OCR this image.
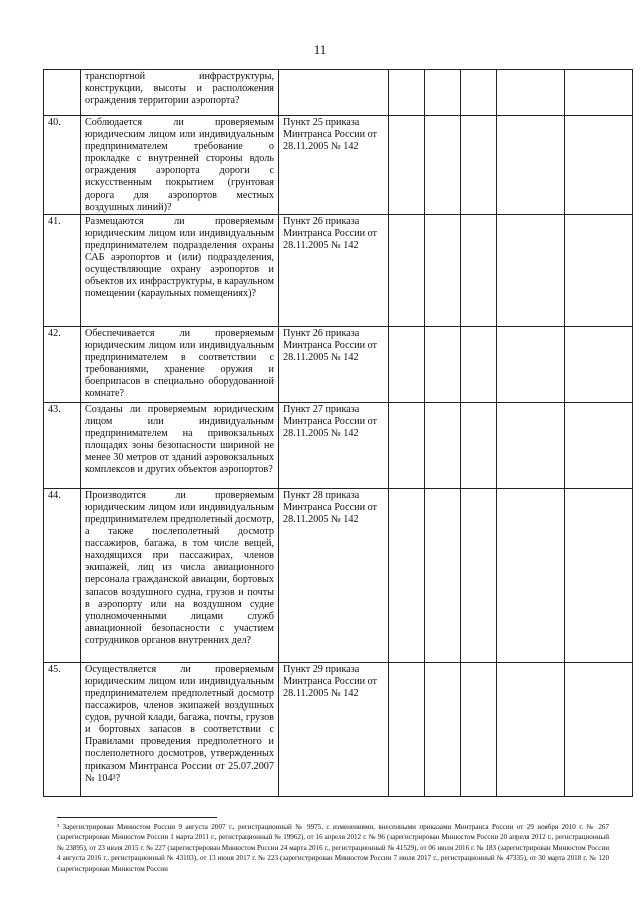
11

	транспортной инфраструктуры, конструкции, высоты и расположения ограждения территории аэропорта?						

40.	Соблюдается ли проверяемым юридическим лицом или индивидуальным предпринимателем требование о прокладке с внутренней стороны вдоль ограждения аэропорта дороги с искусственным покрытием (грунтовая дорога для аэропортов местных воздушных линий)?	Пункт 25 приказа Минтранса России от 28.11.2005 № 142					

41.	Размещаются ли проверяемым юридическим лицом или индивидуальным предпринимателем подразделения охраны САБ аэропортов и (или) подразделения, осуществляющие охрану аэропортов и объектов их инфраструктуры, в караульном помещении (караульных помещениях)?	Пункт 26 приказа Минтранса России от 28.11.2005 № 142					

42.	Обеспечивается ли проверяемым юридическим лицом или индивидуальным предпринимателем в соответствии с требованиями, хранение оружия и боеприпасов в специально оборудованной комнате?	Пункт 26 приказа Минтранса России от 28.11.2005 № 142					

43.	Созданы ли проверяемым юридическим лицом или индивидуальным предпринимателем на привокзальных площадях зоны безопасности шириной не менее 30 метров от зданий аэровокзальных комплексов и других объектов аэропортов?	Пункт 27 приказа Минтранса России от 28.11.2005 № 142					

44.	Производится ли проверяемым юридическим лицом или индивидуальным предпринимателем предполетный досмотр, а также послеполетный досмотр пассажиров, багажа, в том числе вещей, находящихся при пассажирах, членов экипажей, лиц из числа авиационного персонала гражданской авиации, бортовых запасов воздушного судна, грузов и почты в аэропорту или на воздушном судне уполномоченными лицами служб авиационной безопасности с участием сотрудников органов внутренних дел?	Пункт 28 приказа Минтранса России от 28.11.2005 № 142					

45.	Осуществляется ли проверяемым юридическим лицом или индивидуальным предпринимателем предполетный досмотр пассажиров, членов экипажей воздушных судов, ручной клади, багажа, почты, грузов и бортовых запасов в соответствии с Правилами проведения предполетного и послеполетного досмотров, утвержденных приказом Минтранса России от 25.07.2007 № 104³?	Пункт 29 приказа Минтранса России от 28.11.2005 № 142					

³ Зарегистрирован Минюстом России 9 августа 2007 г., регистрационный № 9975, с изменениями, внесенными приказами Минтранса России от 29 ноября 2010 г. № 267 (зарегистрирован Минюстом России 1 марта 2011 г., регистрационный № 19962), от 16 апреля 2012 г. № 96 (зарегистрирован Минюстом России 20 апреля 2012 г., регистрационный № 23895), от 23 июля 2015 г. № 227 (зарегистрирован Минюстом России 24 марта 2016 г., регистрационный № 41529), от 06 июля 2016 г. № 183 (зарегистрирован Минюстом России 4 августа 2016 г., регистрационный № 43103), от 13 июня 2017 г. № 223 (зарегистрирован Минюстом России 7 июля 2017 г., регистрационный № 47335), от 30 марта 2018 г. № 120 (зарегистрирован Минюстом России
